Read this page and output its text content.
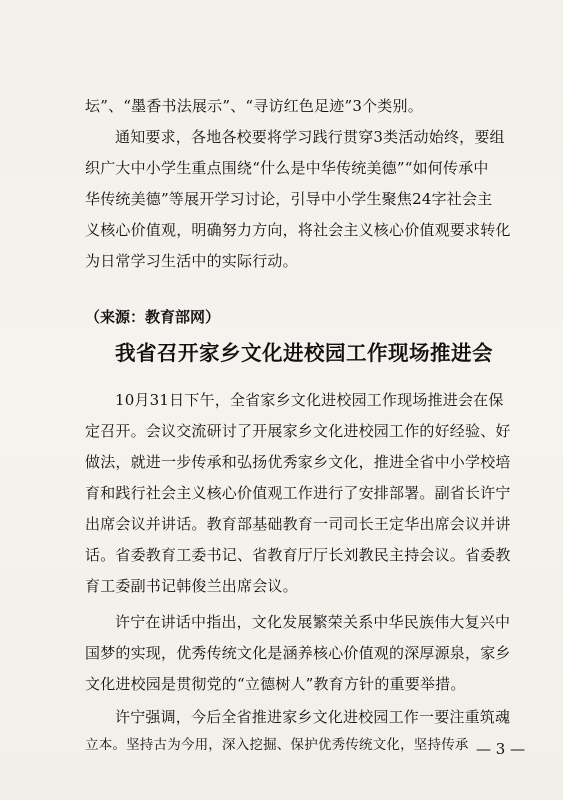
坛”、“墨香书法展示”、“寻访红色足迹”3个类别。
通知要求，各地各校要将学习践行贯穿3类活动始终，要组
织广大中小学生重点围绕“什么是中华传统美德”“如何传承中
华传统美德”等展开学习讨论，引导中小学生聚焦24字社会主
义核心价值观，明确努力方向，将社会主义核心价值观要求转化
为日常学习生活中的实际行动。
（来源：教育部网）
我省召开家乡文化进校园工作现场推进会
10月31日下午，全省家乡文化进校园工作现场推进会在保
定召开。会议交流研讨了开展家乡文化进校园工作的好经验、好
做法，就进一步传承和弘扬优秀家乡文化，推进全省中小学校培
育和践行社会主义核心价值观工作进行了安排部署。副省长许宁
出席会议并讲话。教育部基础教育一司司长王定华出席会议并讲
话。省委教育工委书记、省教育厅厅长刘教民主持会议。省委教
育工委副书记韩俊兰出席会议。
许宁在讲话中指出，文化发展繁荣关系中华民族伟大复兴中
国梦的实现，优秀传统文化是涵养核心价值观的深厚源泉，家乡
文化进校园是贯彻党的“立德树人”教育方针的重要举措。
许宁强调，今后全省推进家乡文化进校园工作一要注重筑魂
立本。坚持古为今用，深入挖掘、保护优秀传统文化，坚持传承 — 3 —
